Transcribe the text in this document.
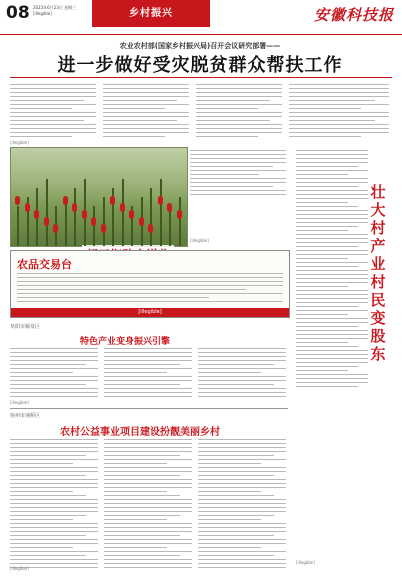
08 2023年6月23日 星期三
[illegible]	乡村振兴	安徽科技报
农业农村部(国家乡村振兴局)召开会议研究部署——
进一步做好受灾脱贫群众帮扶工作
[illegible]
[illegible]
壮大村产业 村民变股东
[illegible]
农品交易台
[illegible]
阜阳市颍泉区
特色产业变身振兴引擎
[illegible]
宿州市埇桥区
农村公益事业项目建设扮靓美丽乡村
[illegible]
